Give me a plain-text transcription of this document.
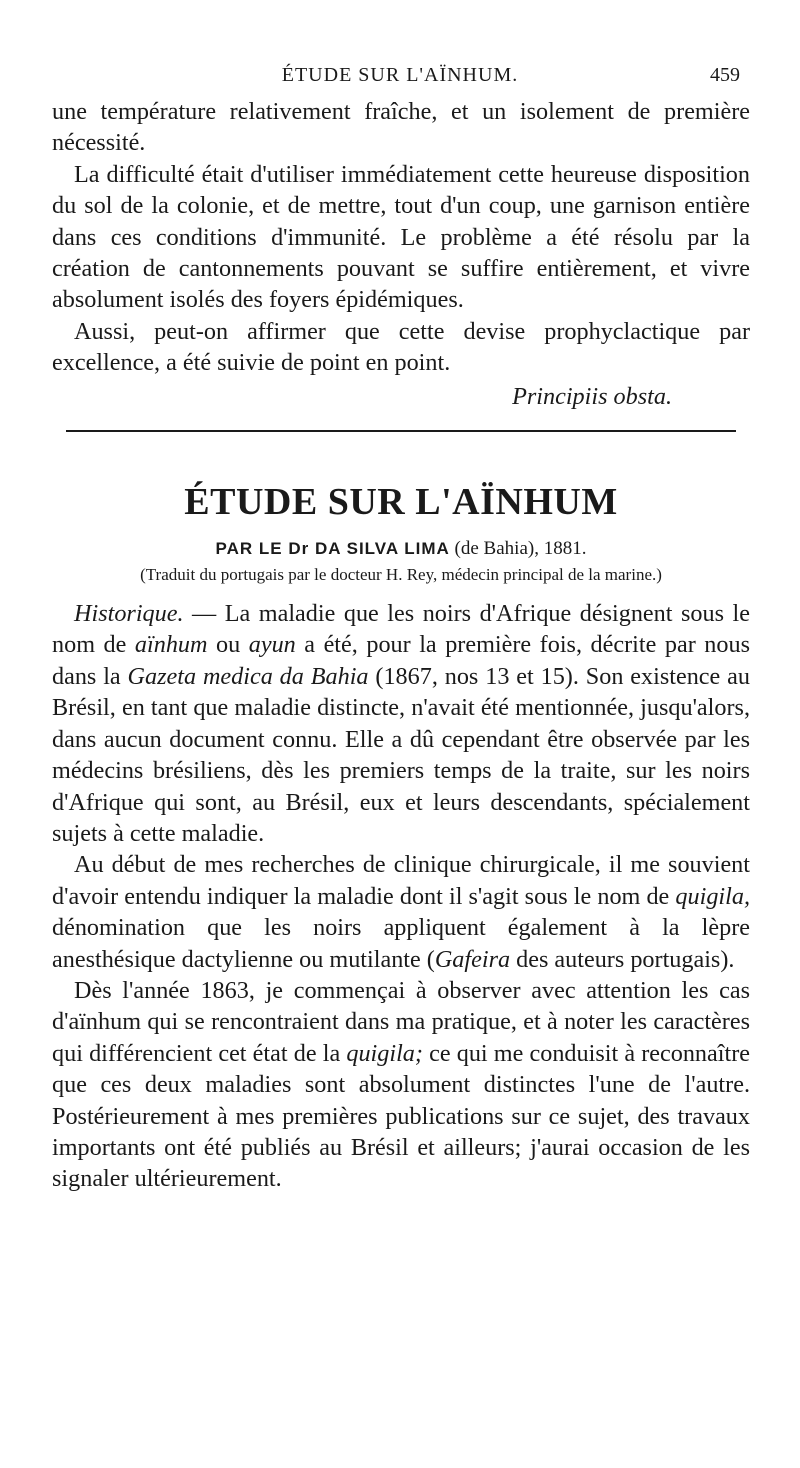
ÉTUDE SUR L'AÏNHUM.	459

une température relativement fraîche, et un isolement de première nécessité.

La difficulté était d'utiliser immédiatement cette heureuse disposition du sol de la colonie, et de mettre, tout d'un coup, une garnison entière dans ces conditions d'immunité. Le problème a été résolu par la création de cantonnements pouvant se suffire entièrement, et vivre absolument isolés des foyers épidémiques.

Aussi, peut-on affirmer que cette devise prophyclactique par excellence, a été suivie de point en point.

Principiis obsta.

ÉTUDE SUR L'AÏNHUM
PAR LE Dr DA SILVA LIMA (de Bahia), 1881.
(Traduit du portugais par le docteur H. Rey, médecin principal de la marine.)

Historique. — La maladie que les noirs d'Afrique désignent sous le nom de aïnhum ou ayun a été, pour la première fois, décrite par nous dans la Gazeta medica da Bahia (1867, nos 13 et 15). Son existence au Brésil, en tant que maladie distincte, n'avait été mentionnée, jusqu'alors, dans aucun document connu. Elle a dû cependant être observée par les médecins brésiliens, dès les premiers temps de la traite, sur les noirs d'Afrique qui sont, au Brésil, eux et leurs descendants, spécialement sujets à cette maladie.

Au début de mes recherches de clinique chirurgicale, il me souvient d'avoir entendu indiquer la maladie dont il s'agit sous le nom de quigila, dénomination que les noirs appliquent également à la lèpre anesthésique dactylienne ou mutilante (Gafeira des auteurs portugais).

Dès l'année 1863, je commençai à observer avec attention les cas d'aïnhum qui se rencontraient dans ma pratique, et à noter les caractères qui différencient cet état de la quigila; ce qui me conduisit à reconnaître que ces deux maladies sont absolument distinctes l'une de l'autre. Postérieurement à mes premières publications sur ce sujet, des travaux importants ont été publiés au Brésil et ailleurs; j'aurai occasion de les signaler ultérieurement.
